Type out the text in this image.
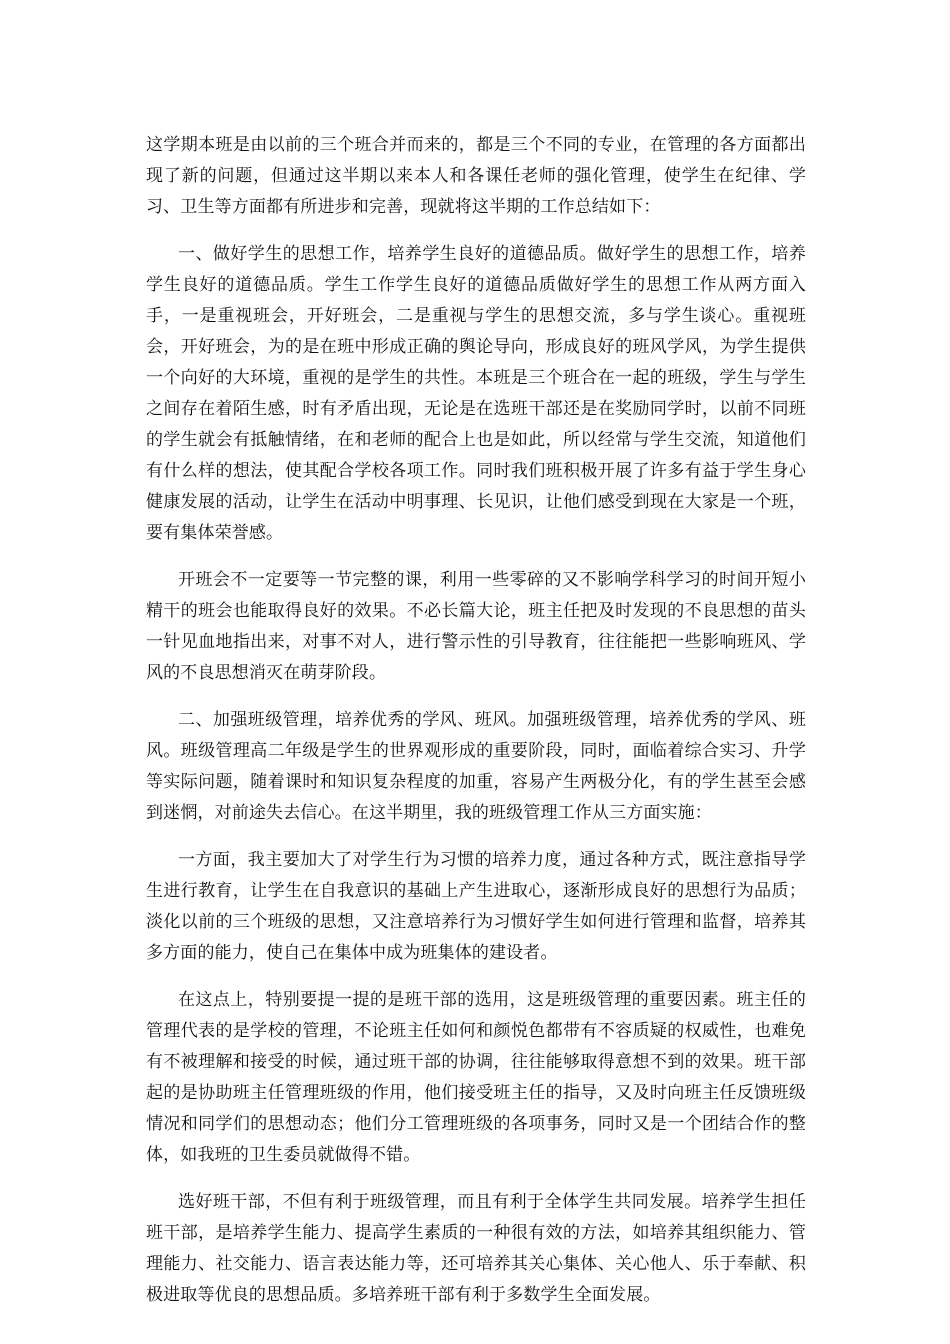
这学期本班是由以前的三个班合并而来的，都是三个不同的专业，在管理的各方面都出现了新的问题，但通过这半期以来本人和各课任老师的强化管理，使学生在纪律、学习、卫生等方面都有所进步和完善，现就将这半期的工作总结如下：

一、做好学生的思想工作，培养学生良好的道德品质。做好学生的思想工作，培养学生良好的道德品质。学生工作学生良好的道德品质做好学生的思想工作从两方面入手，一是重视班会，开好班会，二是重视与学生的思想交流，多与学生谈心。重视班会，开好班会，为的是在班中形成正确的舆论导向，形成良好的班风学风，为学生提供一个向好的大环境，重视的是学生的共性。本班是三个班合在一起的班级，学生与学生之间存在着陌生感，时有矛盾出现，无论是在选班干部还是在奖励同学时，以前不同班的学生就会有抵触情绪，在和老师的配合上也是如此，所以经常与学生交流，知道他们有什么样的想法，使其配合学校各项工作。同时我们班积极开展了许多有益于学生身心健康发展的活动，让学生在活动中明事理、长见识，让他们感受到现在大家是一个班，要有集体荣誉感。

开班会不一定要等一节完整的课，利用一些零碎的又不影响学科学习的时间开短小精干的班会也能取得良好的效果。不必长篇大论，班主任把及时发现的不良思想的苗头一针见血地指出来，对事不对人，进行警示性的引导教育，往往能把一些影响班风、学风的不良思想消灭在萌芽阶段。

二、加强班级管理，培养优秀的学风、班风。加强班级管理，培养优秀的学风、班风。班级管理高二年级是学生的世界观形成的重要阶段，同时，面临着综合实习、升学等实际问题，随着课时和知识复杂程度的加重，容易产生两极分化，有的学生甚至会感到迷惘，对前途失去信心。在这半期里，我的班级管理工作从三方面实施：

一方面，我主要加大了对学生行为习惯的培养力度，通过各种方式，既注意指导学生进行教育，让学生在自我意识的基础上产生进取心，逐渐形成良好的思想行为品质；淡化以前的三个班级的思想，又注意培养行为习惯好学生如何进行管理和监督，培养其多方面的能力，使自己在集体中成为班集体的建设者。

在这点上，特别要提一提的是班干部的选用，这是班级管理的重要因素。班主任的管理代表的是学校的管理，不论班主任如何和颜悦色都带有不容质疑的权威性，也难免有不被理解和接受的时候，通过班干部的协调，往往能够取得意想不到的效果。班干部起的是协助班主任管理班级的作用，他们接受班主任的指导，又及时向班主任反馈班级情况和同学们的思想动态；他们分工管理班级的各项事务，同时又是一个团结合作的整体，如我班的卫生委员就做得不错。

选好班干部，不但有利于班级管理，而且有利于全体学生共同发展。培养学生担任班干部，是培养学生能力、提高学生素质的一种很有效的方法，如培养其组织能力、管理能力、社交能力、语言表达能力等，还可培养其关心集体、关心他人、乐于奉献、积极进取等优良的思想品质。多培养班干部有利于多数学生全面发展。
